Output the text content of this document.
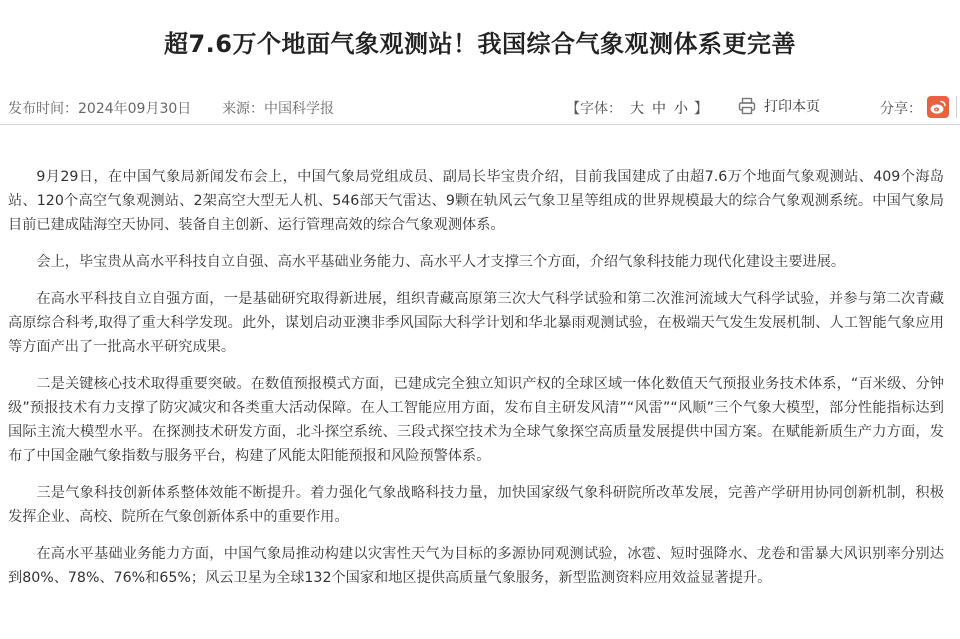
超7.6万个地面气象观测站！我国综合气象观测体系更完善
发布时间：2024年09月30日 来源：中国科学报	【字体： 大 中 小 】	打印本页	分享：

9月29日，在中国气象局新闻发布会上，中国气象局党组成员、副局长毕宝贵介绍，目前我国建成了由超7.6万个地面气象观测站、409个海岛站、120个高空气象观测站、2架高空大型无人机、546部天气雷达、9颗在轨风云气象卫星等组成的世界规模最大的综合气象观测系统。中国气象局目前已建成陆海空天协同、装备自主创新、运行管理高效的综合气象观测体系。

会上，毕宝贵从高水平科技自立自强、高水平基础业务能力、高水平人才支撑三个方面，介绍气象科技能力现代化建设主要进展。

在高水平科技自立自强方面，一是基础研究取得新进展，组织青藏高原第三次大气科学试验和第二次淮河流域大气科学试验，并参与第二次青藏高原综合科考,取得了重大科学发现。此外，谋划启动亚澳非季风国际大科学计划和华北暴雨观测试验，在极端天气发生发展机制、人工智能气象应用等方面产出了一批高水平研究成果。

二是关键核心技术取得重要突破。在数值预报模式方面，已建成完全独立知识产权的全球区域一体化数值天气预报业务技术体系，“百米级、分钟级”预报技术有力支撑了防灾减灾和各类重大活动保障。在人工智能应用方面，发布自主研发风清”“风雷”“风顺”三个气象大模型，部分性能指标达到国际主流大模型水平。在探测技术研发方面，北斗探空系统、三段式探空技术为全球气象探空高质量发展提供中国方案。在赋能新质生产力方面，发布了中国金融气象指数与服务平台，构建了风能太阳能预报和风险预警体系。

三是气象科技创新体系整体效能不断提升。着力强化气象战略科技力量，加快国家级气象科研院所改革发展，完善产学研用协同创新机制，积极发挥企业、高校、院所在气象创新体系中的重要作用。

在高水平基础业务能力方面，中国气象局推动构建以灾害性天气为目标的多源协同观测试验，冰雹、短时强降水、龙卷和雷暴大风识别率分别达到80%、78%、76%和65%；风云卫星为全球132个国家和地区提供高质量气象服务，新型监测资料应用效益显著提升。
